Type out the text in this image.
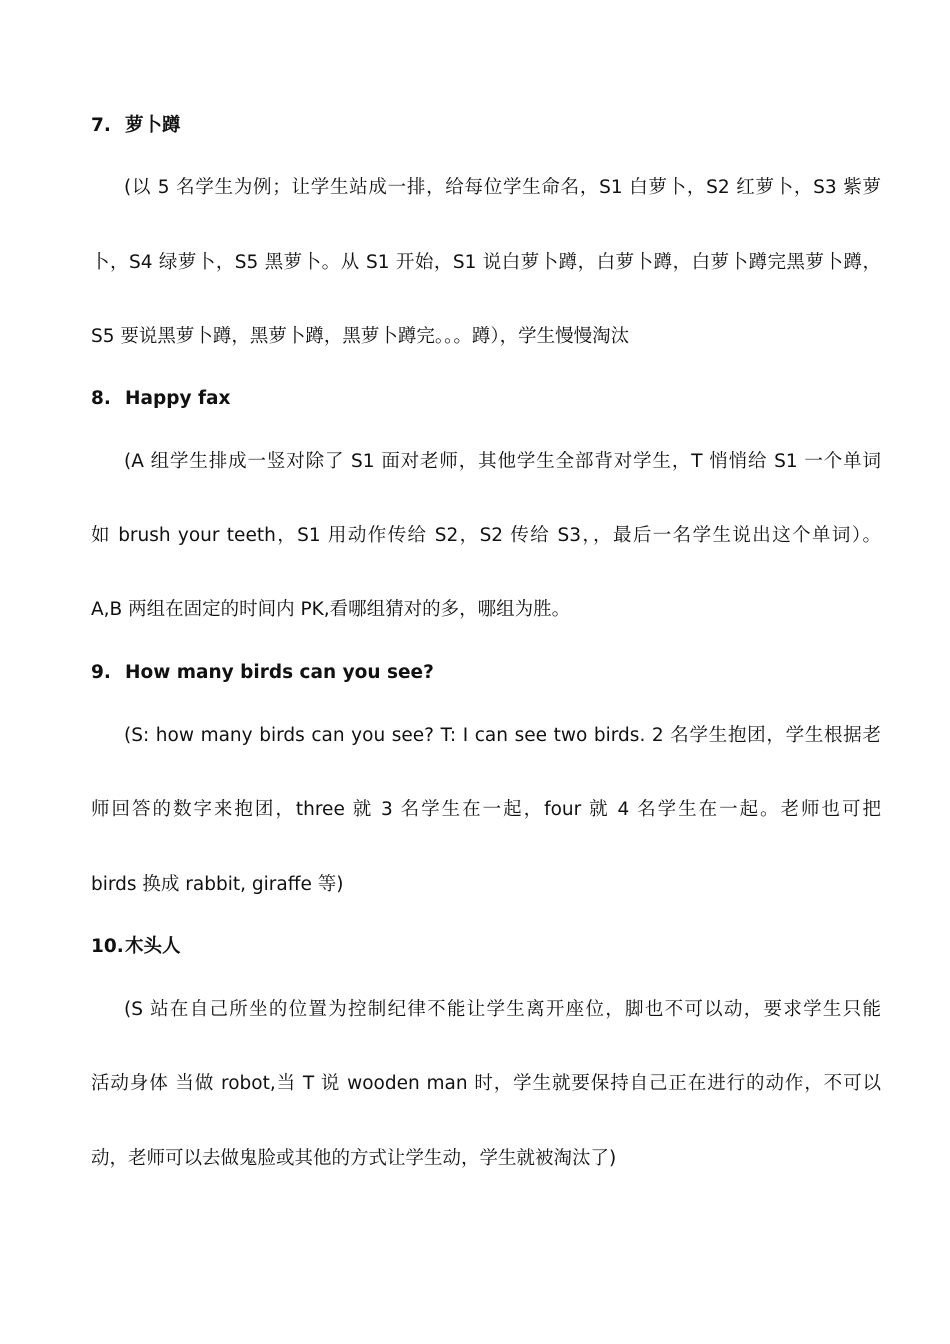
7. 萝卜蹲
(以 5 名学生为例；让学生站成一排，给每位学生命名，S1 白萝卜，S2 红萝卜，S3 紫萝
卜，S4 绿萝卜，S5 黑萝卜。从 S1 开始，S1 说白萝卜蹲，白萝卜蹲，白萝卜蹲完黑萝卜蹲，
S5 要说黑萝卜蹲，黑萝卜蹲，黑萝卜蹲完。。。蹲），学生慢慢淘汰
8. Happy fax
(A 组学生排成一竖对除了 S1 面对老师，其他学生全部背对学生，T 悄悄给 S1 一个单词
如 brush your teeth，S1 用动作传给 S2，S2 传给 S3，，最后一名学生说出这个单词）。
A,B 两组在固定的时间内 PK,看哪组猜对的多，哪组为胜。
9. How many birds can you see?
(S: how many birds can you see? T: I can see two birds. 2 名学生抱团，学生根据老
师回答的数字来抱团，three 就 3 名学生在一起，four 就 4 名学生在一起。老师也可把
birds 换成 rabbit, giraffe 等)
10.木头人
(S 站在自己所坐的位置为控制纪律不能让学生离开座位，脚也不可以动，要求学生只能
活动身体 当做 robot,当 T 说 wooden man 时，学生就要保持自己正在进行的动作，不可以
动，老师可以去做鬼脸或其他的方式让学生动，学生就被淘汰了)
